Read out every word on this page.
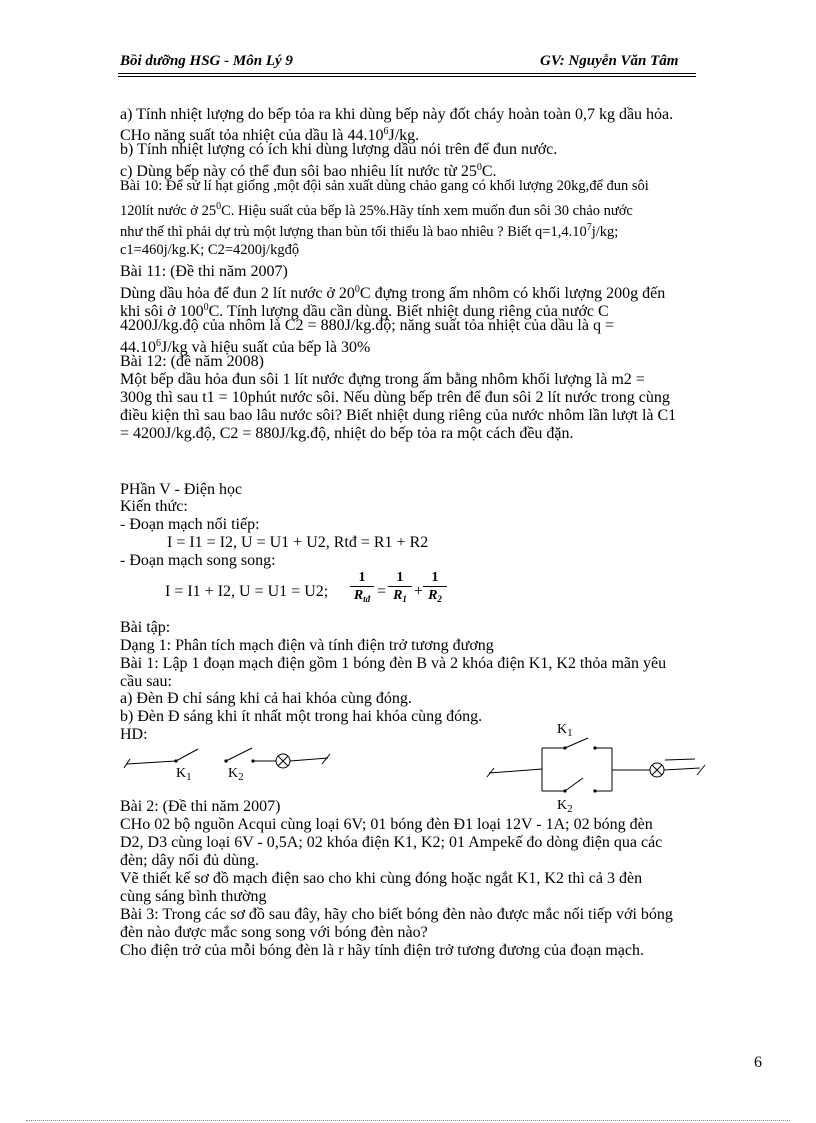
Bồi dưỡng HSG - Môn Lý 9	GV: Nguyễn Văn Tâm
a) Tính nhiệt lượng do bếp tỏa ra khi dùng bếp này đốt cháy hoàn toàn 0,7 kg dầu hỏa.
CHo năng suất tỏa nhiệt của dầu là 44.10$^6$J/kg.
b) Tính nhiệt lượng có ích khi dùng lượng dầu nói trên để đun nước.
c) Dùng bếp này có thể đun sôi bao nhiêu lít nước từ $25^0C$.
Bài 10: Để sử lí hạt giống ,một đội sản xuất dùng chảo gang có khối lượng 20kg,để đun sôi
120lít nước ở $25^0C$. Hiệu suất của bếp là 25%.Hãy tính xem muốn đun sôi 30 chảo nước
như thế thì phải dự trù một lượng than bùn tối thiểu là bao nhiêu ? Biết $q=1,4.10^7j/kg$;
c1=460j/kg.K; C2=4200j/kgđộ
Bài 11: (Đề thi năm 2007)
Dùng dầu hỏa để đun 2 lít nước ở $20^0C$ đựng trong ấm nhôm có khối lượng 200g đến
khi sôi ở $100^0C$. Tính lượng dầu cần dùng. Biết nhiệt dung riêng của nước C
4200J/kg.độ của nhôm là C2 = 880J/kg.độ; năng suất tỏa nhiệt của dầu là q =
$44.10^6J/kg$ và hiệu suất của bếp là 30%
Bài 12: (đề năm 2008)
Một bếp dầu hỏa đun sôi 1 lít nước đựng trong ấm bằng nhôm khối lượng là m2 =
300g thì sau t1 = 10phút nước sôi. Nếu dùng bếp trên để đun sôi 2 lít nước trong cùng
điều kiện thì sau bao lâu nước sôi? Biết nhiệt dung riêng của nước nhôm lần lượt là C1
= 4200J/kg.độ, C2 = 880J/kg.độ, nhiệt do bếp tỏa ra một cách đều đặn.
PHần V - Điện học
Kiến thức:
- Đoạn mạch nối tiếp:
I = I1 = I2, U = U1 + U2, Rtđ = R1 + R2
- Đoạn mạch song song:
I = I1 + I2, U = U1 = U2;
1
$R_{tđ} = \frac{1}{R_1} + \frac{1}{R_2}$
Bài tập:
Dạng 1: Phân tích mạch điện và tính điện trở tương đương
Bài 1: Lập 1 đoạn mạch điện gồm 1 bóng đèn B và 2 khóa điện K1, K2 thỏa mãn yêu
cầu sau:
a) Đèn Đ chỉ sáng khi cả hai khóa cùng đóng.
b) Đèn Đ sáng khi ít nhất một trong hai khóa cùng đóng.
HD:
$K_1$	$K_2$
$K_1$
$K_2$
Bài 2: (Đề thi năm 2007)
CHo 02 bộ nguồn Acqui cùng loại 6V; 01 bóng đèn Đ1 loại 12V - 1A; 02 bóng đèn
D2, D3 cùng loại 6V - 0,5A; 02 khóa điện K1, K2; 01 Ampekế đo dòng điện qua các
đèn; dây nối đủ dùng.
Vẽ thiết kế sơ đồ mạch điện sao cho khi cùng đóng hoặc ngắt K1, K2 thì cả 3 đèn
cùng sáng bình thường
Bài 3: Trong các sơ đồ sau đây, hãy cho biết bóng đèn nào được mắc nối tiếp với bóng
đèn nào được mắc song song với bóng đèn nào?
Cho điện trở của mỗi bóng đèn là r hãy tính điện trở tương đương của đoạn mạch.
6
